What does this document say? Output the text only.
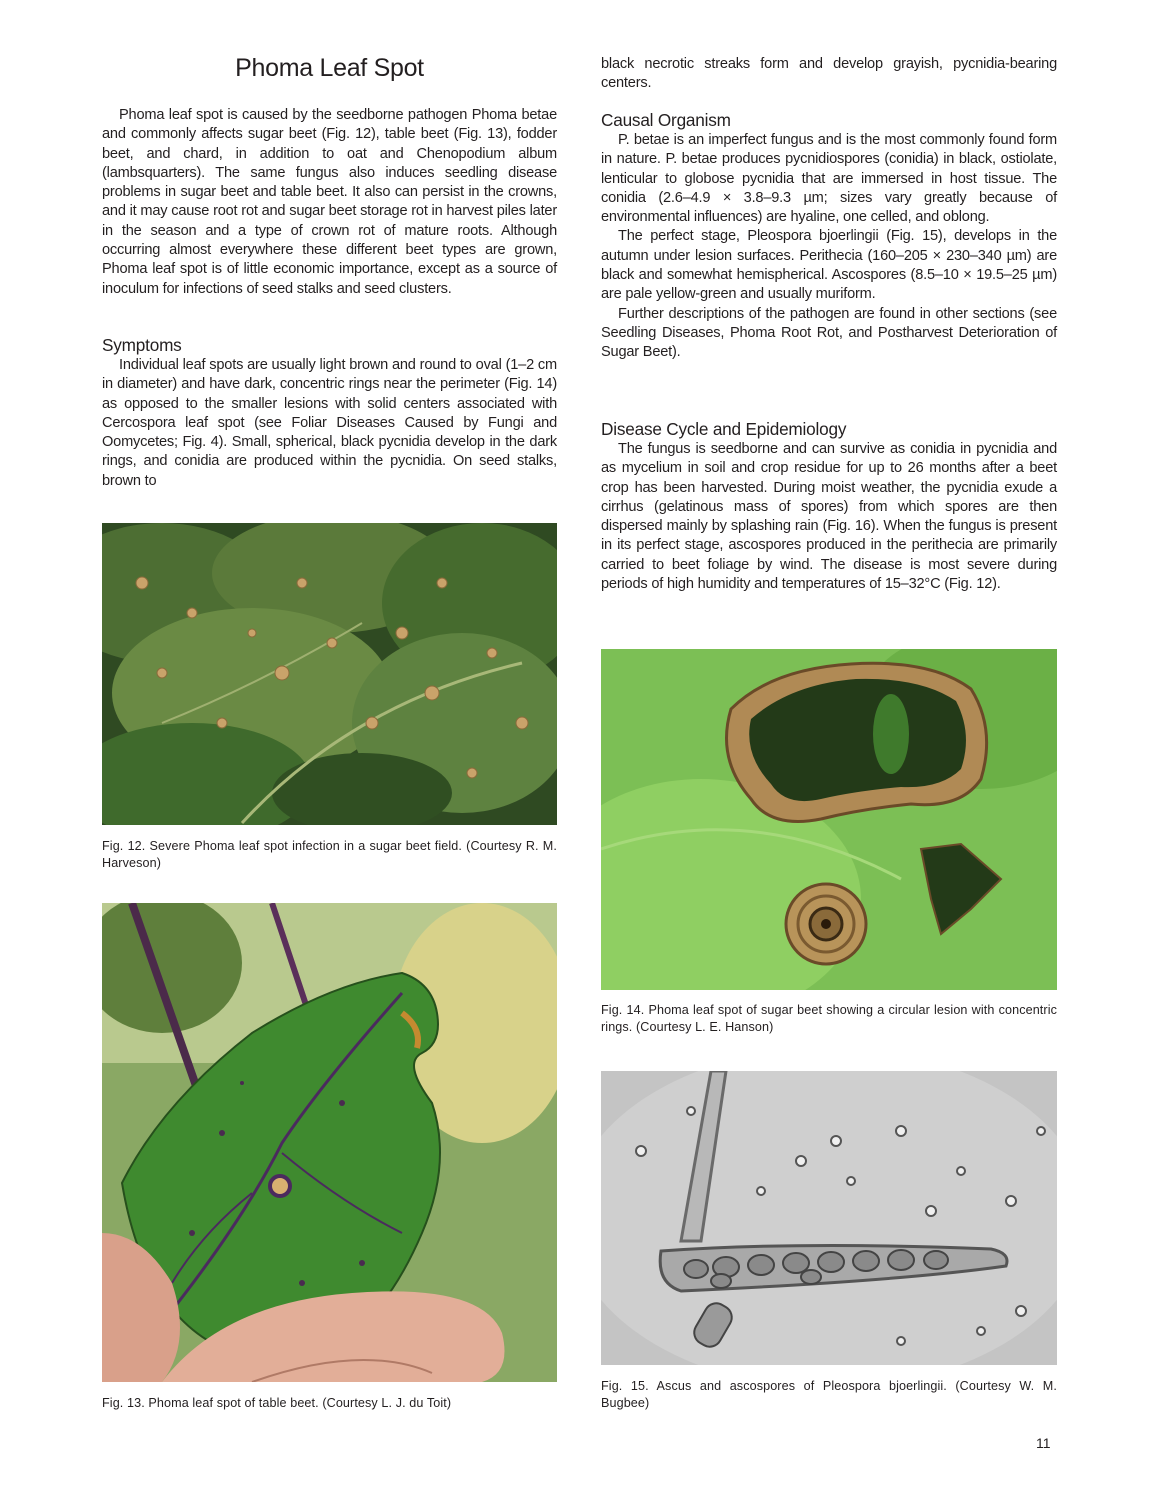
Phoma Leaf Spot

Phoma leaf spot is caused by the seedborne pathogen Phoma betae and commonly affects sugar beet (Fig. 12), table beet (Fig. 13), fodder beet, and chard, in addition to oat and Chenopodium album (lambsquarters). The same fungus also induces seedling disease problems in sugar beet and table beet. It also can persist in the crowns, and it may cause root rot and sugar beet storage rot in harvest piles later in the season and a type of crown rot of mature roots. Although occurring almost everywhere these different beet types are grown, Phoma leaf spot is of little economic importance, except as a source of inoculum for infections of seed stalks and seed clusters.

Symptoms

Individual leaf spots are usually light brown and round to oval (1–2 cm in diameter) and have dark, concentric rings near the perimeter (Fig. 14) as opposed to the smaller lesions with solid centers associated with Cercospora leaf spot (see Foliar Diseases Caused by Fungi and Oomycetes; Fig. 4). Small, spherical, black pycnidia develop in the dark rings, and conidia are produced within the pycnidia. On seed stalks, brown to

Fig. 12. Severe Phoma leaf spot infection in a sugar beet field. (Courtesy R. M. Harveson)

Fig. 13. Phoma leaf spot of table beet. (Courtesy L. J. du Toit)

black necrotic streaks form and develop grayish, pycnidia-bearing centers.

Causal Organism

P. betae is an imperfect fungus and is the most commonly found form in nature. P. betae produces pycnidiospores (conidia) in black, ostiolate, lenticular to globose pycnidia that are immersed in host tissue. The conidia (2.6–4.9 × 3.8–9.3 µm; sizes vary greatly because of environmental influences) are hyaline, one celled, and oblong.

The perfect stage, Pleospora bjoerlingii (Fig. 15), develops in the autumn under lesion surfaces. Perithecia (160–205 × 230–340 µm) are black and somewhat hemispherical. Ascospores (8.5–10 × 19.5–25 µm) are pale yellow-green and usually muriform.

Further descriptions of the pathogen are found in other sections (see Seedling Diseases, Phoma Root Rot, and Postharvest Deterioration of Sugar Beet).

Disease Cycle and Epidemiology

The fungus is seedborne and can survive as conidia in pycnidia and as mycelium in soil and crop residue for up to 26 months after a beet crop has been harvested. During moist weather, the pycnidia exude a cirrhus (gelatinous mass of spores) from which spores are then dispersed mainly by splashing rain (Fig. 16). When the fungus is present in its perfect stage, ascospores produced in the perithecia are primarily carried to beet foliage by wind. The disease is most severe during periods of high humidity and temperatures of 15–32°C (Fig. 12).

Fig. 14. Phoma leaf spot of sugar beet showing a circular lesion with concentric rings. (Courtesy L. E. Hanson)

Fig. 15. Ascus and ascospores of Pleospora bjoerlingii. (Courtesy W. M. Bugbee)

11
